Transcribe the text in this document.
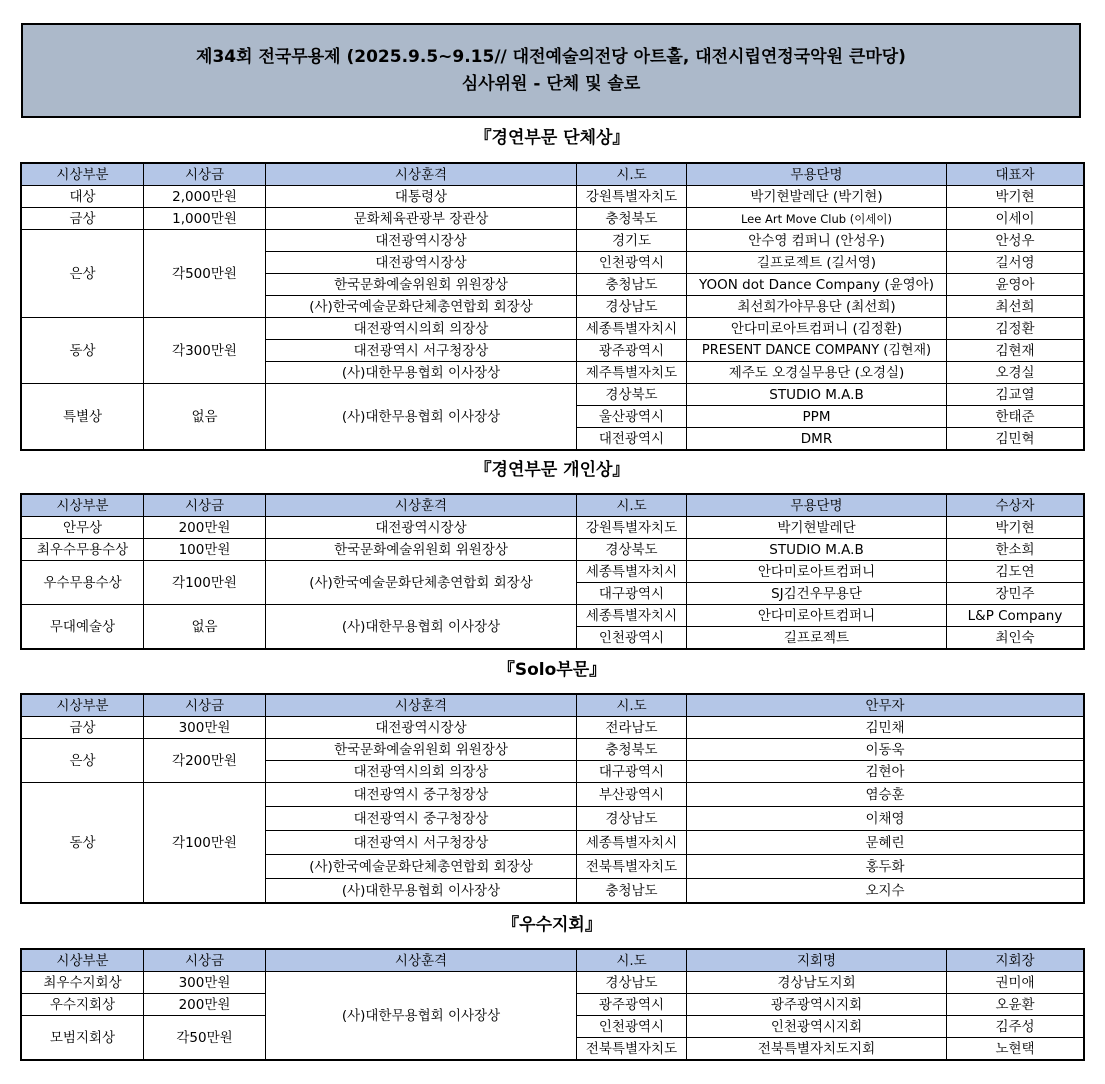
제34회 전국무용제 (2025.9.5~9.15// 대전예술의전당 아트홀, 대전시립연정국악원 큰마당)
심사위원 - 단체 및 솔로
『경연부문 단체상』
시상부분	시상금	시상훈격	시.도	무용단명	대표자
대상	2,000만원	대통령상	강원특별자치도	박기현발레단 (박기현)	박기현
금상	1,000만원	문화체육관광부 장관상	충청북도	Lee Art Move Club (이세이)	이세이
은상	각500만원	대전광역시장상	경기도	안수영 컴퍼니 (안성우)	안성우
		대전광역시장상	인천광역시	길프로젝트 (길서영)	길서영
		한국문화예술위원회 위원장상	충청남도	YOON dot Dance Company (윤영아)	윤영아
		(사)한국예술문화단체총연합회 회장상	경상남도	최선희가야무용단 (최선희)	최선희
동상	각300만원	대전광역시의회 의장상	세종특별자치시	안다미로아트컴퍼니 (김정환)	김정환
		대전광역시 서구청장상	광주광역시	PRESENT DANCE COMPANY (김현재)	김현재
		(사)대한무용협회 이사장상	제주특별자치도	제주도 오경실무용단 (오경실)	오경실
특별상	없음	(사)대한무용협회 이사장상	경상북도	STUDIO M.A.B	김교열
			울산광역시	PPM	한태준
			대전광역시	DMR	김민혁
『경연부문 개인상』
시상부분	시상금	시상훈격	시.도	무용단명	수상자
안무상	200만원	대전광역시장상	강원특별자치도	박기현발레단	박기현
최우수무용수상	100만원	한국문화예술위원회 위원장상	경상북도	STUDIO M.A.B	한소희
우수무용수상	각100만원	(사)한국예술문화단체총연합회 회장상	세종특별자치시	안다미로아트컴퍼니	김도연
			대구광역시	SJ김건우무용단	장민주
무대예술상	없음	(사)대한무용협회 이사장상	세종특별자치시	안다미로아트컴퍼니	L&P Company
			인천광역시	길프로젝트	최인숙
『Solo부문』
시상부분	시상금	시상훈격	시.도	안무자
금상	300만원	대전광역시장상	전라남도	김민채
은상	각200만원	한국문화예술위원회 위원장상	충청북도	이동욱
		대전광역시의회 의장상	대구광역시	김현아
동상	각100만원	대전광역시 중구청장상	부산광역시	염승훈
		대전광역시 중구청장상	경상남도	이채영
		대전광역시 서구청장상	세종특별자치시	문혜린
		(사)한국예술문화단체총연합회 회장상	전북특별자치도	홍두화
		(사)대한무용협회 이사장상	충청남도	오지수
『우수지회』
시상부분	시상금	시상훈격	시.도	지회명	지회장
최우수지회상	300만원	(사)대한무용협회 이사장상	경상남도	경상남도지회	권미애
우수지회상	200만원		광주광역시	광주광역시지회	오윤환
모범지회상	각50만원		인천광역시	인천광역시지회	김주성
			전북특별자치도	전북특별자치도지회	노현택
